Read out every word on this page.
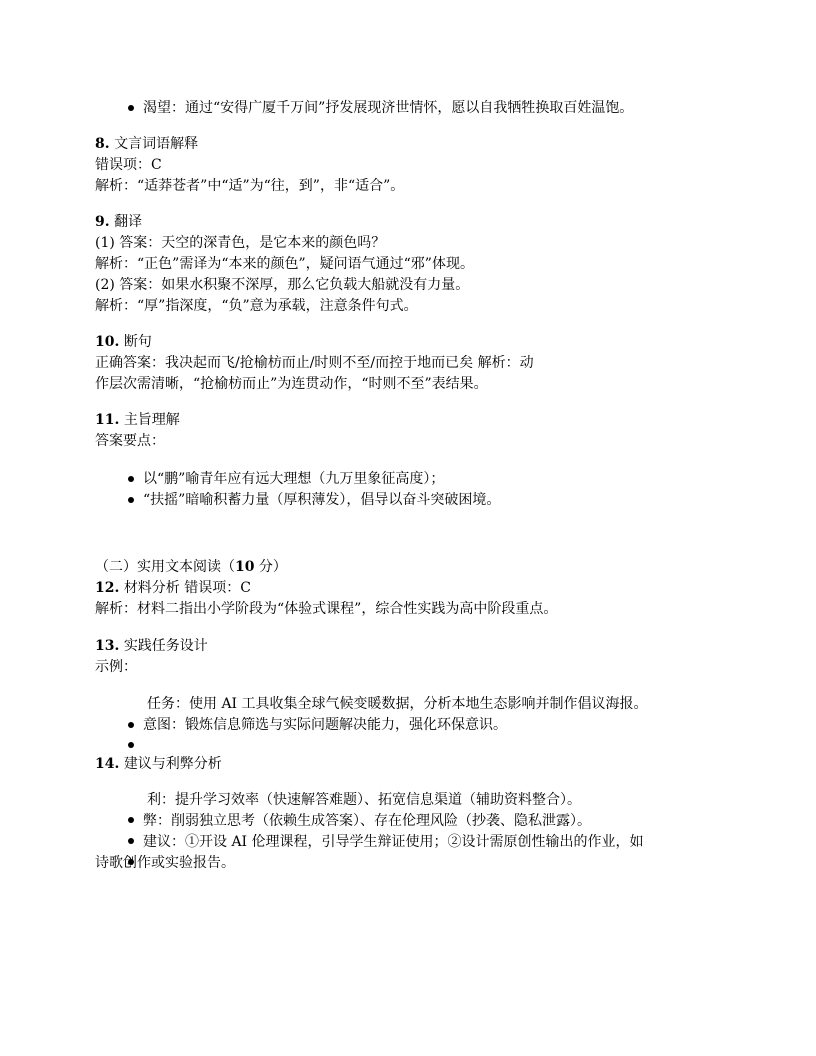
渴望：通过“安得广厦千万间”抒发展现济世情怀，愿以自我牺牲换取百姓温饱。
8. 文言词语解释
错误项：C
解析：“适莽苍者”中“适”为“往，到”，非“适合”。
9. 翻译
(1) 答案：天空的深青色，是它本来的颜色吗？
解析：“正色”需译为“本来的颜色”，疑问语气通过“邪”体现。
(2) 答案：如果水积聚不深厚，那么它负载大船就没有力量。
解析：“厚”指深度，“负”意为承载，注意条件句式。
10. 断句
正确答案：我决起而飞/抢榆枋而止/时则不至/而控于地而已矣 解析：动
作层次需清晰，“抢榆枋而止”为连贯动作，“时则不至”表结果。
11. 主旨理解
答案要点：
以“鹏”喻青年应有远大理想（九万里象征高度）；
“扶摇”暗喻积蓄力量（厚积薄发），倡导以奋斗突破困境。
（二）实用文本阅读（10 分）
12. 材料分析 错误项：C
解析：材料二指出小学阶段为“体验式课程”，综合性实践为高中阶段重点。
13. 实践任务设计
示例：
任务：使用 AI 工具收集全球气候变暖数据，分析本地生态影响并制作倡议海报。
意图：锻炼信息筛选与实际问题解决能力，强化环保意识。
14. 建议与利弊分析
利：提升学习效率（快速解答难题）、拓宽信息渠道（辅助资料整合）。
弊：削弱独立思考（依赖生成答案）、存在伦理风险（抄袭、隐私泄露）。
建议：①开设 AI 伦理课程，引导学生辩证使用；②设计需原创性输出的作业，如
诗歌创作或实验报告。
